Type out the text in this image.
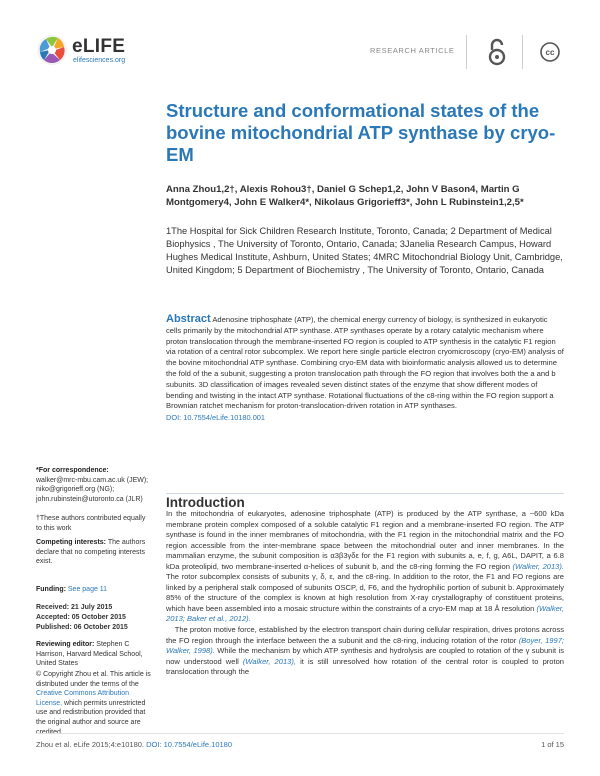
eLIFE
elifesciences.org
RESEARCH ARTICLE	cc
Structure and conformational states of the bovine mitochondrial ATP synthase by cryo-EM

Anna Zhou1,2†, Alexis Rohou3†, Daniel G Schep1,2, John V Bason4, Martin G Montgomery4, John E Walker4*, Nikolaus Grigorieff3*, John L Rubinstein1,2,5*

1The Hospital for Sick Children Research Institute, Toronto, Canada; 2 Department of Medical Biophysics , The University of Toronto, Ontario, Canada; 3Janelia Research Campus, Howard Hughes Medical Institute, Ashburn, United States; 4MRC Mitochondrial Biology Unit, Cambridge, United Kingdom; 5 Department of Biochemistry , The University of Toronto, Ontario, Canada

Abstract Adenosine triphosphate (ATP), the chemical energy currency of biology, is synthesized in eukaryotic cells primarily by the mitochondrial ATP synthase. ATP synthases operate by a rotary catalytic mechanism where proton translocation through the membrane-inserted FO region is coupled to ATP synthesis in the catalytic F1 region via rotation of a central rotor subcomplex. We report here single particle electron cryomicroscopy (cryo-EM) analysis of the bovine mitochondrial ATP synthase. Combining cryo-EM data with bioinformatic analysis allowed us to determine the fold of the a subunit, suggesting a proton translocation path through the FO region that involves both the a and b subunits. 3D classification of images revealed seven distinct states of the enzyme that show different modes of bending and twisting in the intact ATP synthase. Rotational fluctuations of the c8-ring within the FO region support a Brownian ratchet mechanism for proton-translocation-driven rotation in ATP synthases.
DOI: 10.7554/eLife.10180.001

*For correspondence: walker@mrc-mbu.cam.ac.uk (JEW); niko@grigorieff.org (NG); john.rubinstein@utoronto.ca (JLR)

†These authors contributed equally to this work

Competing interests: The authors declare that no competing interests exist.

Funding: See page 11

Received: 21 July 2015

Accepted: 05 October 2015

Published: 06 October 2015

Reviewing editor: Stephen C Harrison, Harvard Medical School, United States

© Copyright Zhou et al. This article is distributed under the terms of the Creative Commons Attribution License, which permits unrestricted use and redistribution provided that the original author and source are

Introduction

In the mitochondria of eukaryotes, adenosine triphosphate (ATP) is produced by the ATP synthase, a ~600 kDa membrane protein complex composed of a soluble catalytic F1 region and a membrane-inserted FO region. The ATP synthase is found in the inner membranes of mitochondria, with the F1 region in the mitochondrial matrix and the FO region accessible from the inter-membrane space between the mitochondrial outer and inner membranes. In the mammalian enzyme, the subunit composition is α3β3γδε for the F1 region with subunits a, e, f, g, A6L, DAPIT, a 6.8 kDa proteolipid, two membrane-inserted α-helices of subunit b, and the c8-ring forming the FO region (Walker, 2013). The rotor subcomplex consists of subunits γ, δ, ε, and the c8-ring. In addition to the rotor, the F1 and FO regions are linked by a peripheral stalk composed of subunits OSCP, d, F6, and the hydrophilic portion of subunit b. Approximately 85% of the structure of the complex is known at high resolution from X-ray crystallography of constituent proteins, which have been assembled into a mosaic structure within the constraints of a cryo-EM map at 18 Å resolution (Walker, 2013; Baker et al., 2012).
The proton motive force, established by the electron transport chain during cellular respiration, drives protons across the FO region through the interface between the a subunit and the c8-ring, inducing rotation of the rotor (Boyer, 1997; Walker, 1998). While the mechanism by which ATP synthesis and hydrolysis are coupled to rotation of the γ subunit is now understood well (Walker, 2013), it is still unresolved how rotation of the central rotor is coupled to proton translocation through the

Zhou et al. eLife 2015;4:e10180. DOI: 10.7554/eLife.10180	1 of 15
